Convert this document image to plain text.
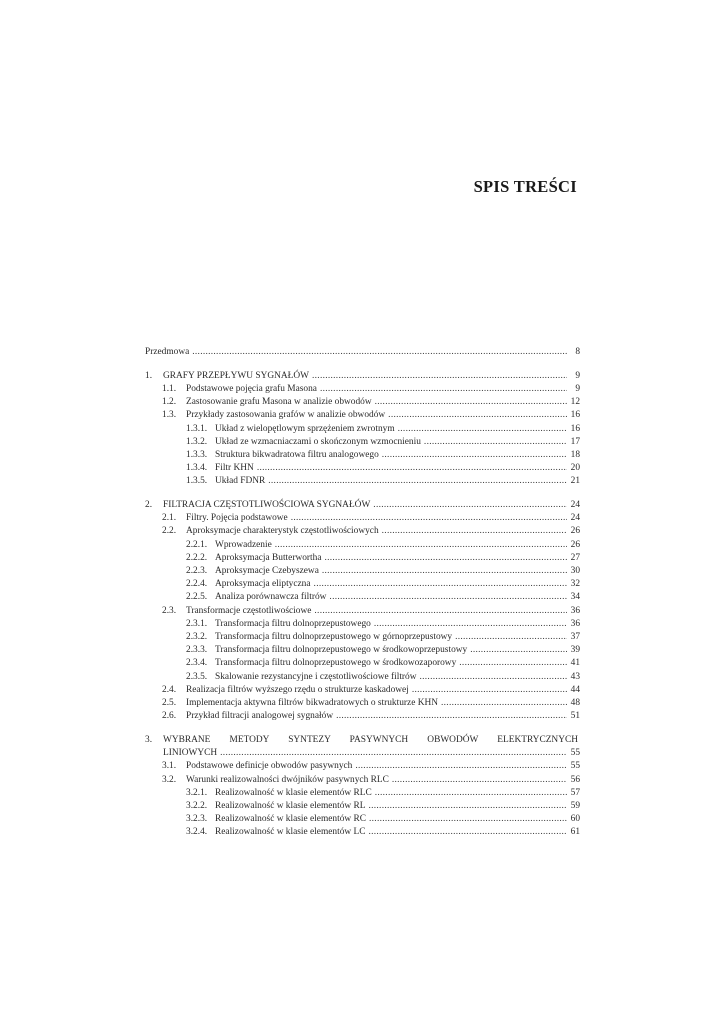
SPIS TREŚCI
Przedmowa .....	8
1.	GRAFY PRZEPŁYWU SYGNAŁÓW .....	9
1.1.	Podstawowe pojęcia grafu Masona .....	9
1.2.	Zastosowanie grafu Masona w analizie obwodów .....	12
1.3.	Przykłady zastosowania grafów w analizie obwodów .....	16
1.3.1. Układ z wielopętlowym sprzężeniem zwrotnym .....	16
1.3.2. Układ ze wzmacniaczami o skończonym wzmocnieniu .....	17
1.3.3. Struktura bikwadratowa filtru analogowego .....	18
1.3.4. Filtr KHN .....	20
1.3.5. Układ FDNR .....	21
2.	FILTRACJA CZĘSTOTLIWOŚCIOWA SYGNAŁÓW .....	24
2.1.	Filtry. Pojęcia podstawowe .....	24
2.2.	Aproksymacje charakterystyk częstotliwościowych .....	26
2.2.1. Wprowadzenie .....	26
2.2.2. Aproksymacja Butterwortha .....	27
2.2.3. Aproksymacje Czebyszewa .....	30
2.2.4. Aproksymacja eliptyczna .....	32
2.2.5. Analiza porównawcza filtrów .....	34
2.3.	Transformacje częstotliwościowe .....	36
2.3.1. Transformacja filtru dolnoprzepustowego .....	36
2.3.2. Transformacja filtru dolnoprzepustowego w górnoprzepustowy .....	37
2.3.3. Transformacja filtru dolnoprzepustowego w środkowoprzepustowy .....	39
2.3.4. Transformacja filtru dolnoprzepustowego w środkowozaporowy .....	41
2.3.5. Skalowanie rezystancyjne i częstotliwościowe filtrów .....	43
2.4.	Realizacja filtrów wyższego rzędu o strukturze kaskadowej .....	44
2.5.	Implementacja aktywna filtrów bikwadratowych o strukturze KHN .....	48
2.6.	Przykład filtracji analogowej sygnałów .....	51
3.	WYBRANE METODY SYNTEZY PASYWNYCH OBWODÓW ELEKTRYCZNYCH
LINIOWYCH .....	55
3.1.	Podstawowe definicje obwodów pasywnych .....	55
3.2.	Warunki realizowalności dwójników pasywnych RLC .....	56
3.2.1. Realizowalność w klasie elementów RLC .....	57
3.2.2. Realizowalność w klasie elementów RL .....	59
3.2.3. Realizowalność w klasie elementów RC .....	60
3.2.4. Realizowalność w klasie elementów LC .....	61
